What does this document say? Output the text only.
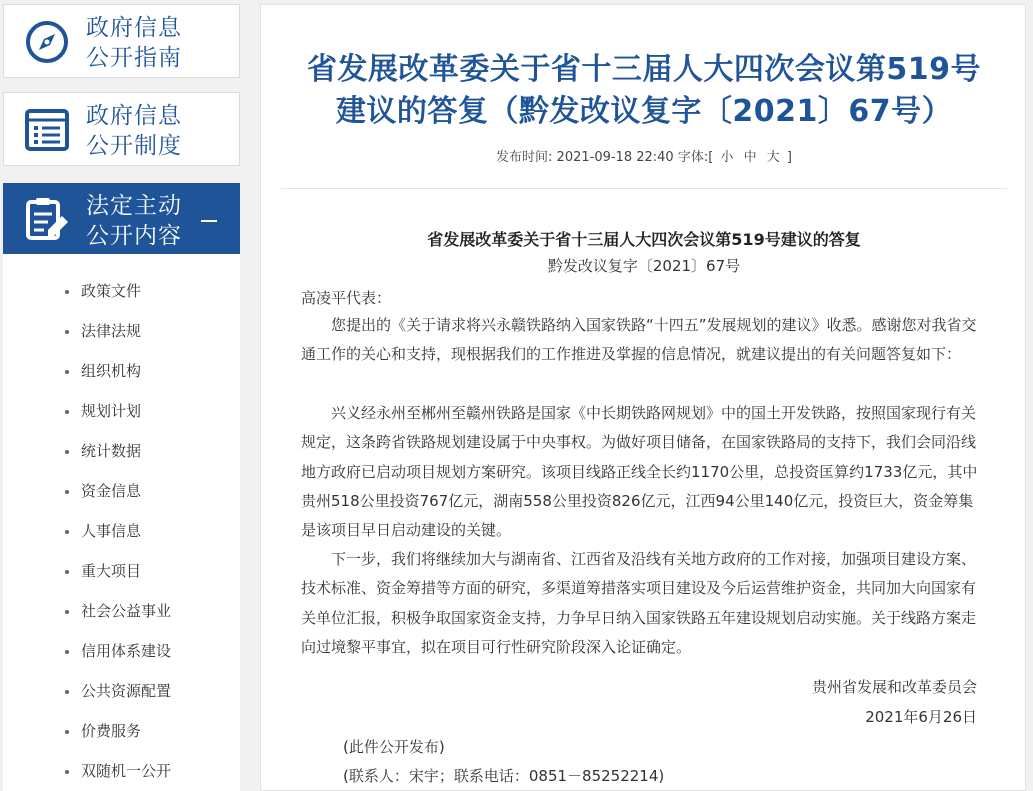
政府信息
公开指南
政府信息
公开制度
法定主动
公开内容
政策文件
法律法规
组织机构
规划计划
统计数据
资金信息
人事信息
重大项目
社会公益事业
信用体系建设
公共资源配置
价费服务
双随机一公开
省发展改革委关于省十三届人大四次会议第519号
建议的答复（黔发改议复字〔2021〕67号）
发布时间: 2021-09-18 22:40 字体:[ 小 中 大 ]
省发展改革委关于省十三届人大四次会议第519号建议的答复
黔发改议复字〔2021〕67号
高凌平代表：

您提出的《关于请求将兴永赣铁路纳入国家铁路“十四五”发展规划的建议》收悉。感谢您对我省交通工作的关心和支持，现根据我们的工作推进及掌握的信息情况，就建议提出的有关问题答复如下：

兴义经永州至郴州至赣州铁路是国家《中长期铁路网规划》中的国土开发铁路，按照国家现行有关规定，这条跨省铁路规划建设属于中央事权。为做好项目储备，在国家铁路局的支持下，我们会同沿线地方政府已启动项目规划方案研究。该项目线路正线全长约1170公里，总投资匡算约1733亿元，其中贵州518公里投资767亿元，湖南558公里投资826亿元，江西94公里140亿元，投资巨大，资金筹集是该项目早日启动建设的关键。

下一步，我们将继续加大与湖南省、江西省及沿线有关地方政府的工作对接，加强项目建设方案、技术标准、资金筹措等方面的研究，多渠道筹措落实项目建设及今后运营维护资金，共同加大向国家有关单位汇报，积极争取国家资金支持，力争早日纳入国家铁路五年建设规划启动实施。关于线路方案走向过境黎平事宜，拟在项目可行性研究阶段深入论证确定。

贵州省发展和改革委员会
2021年6月26日
(此件公开发布)
(联系人：宋宇；联系电话：0851－85252214)
